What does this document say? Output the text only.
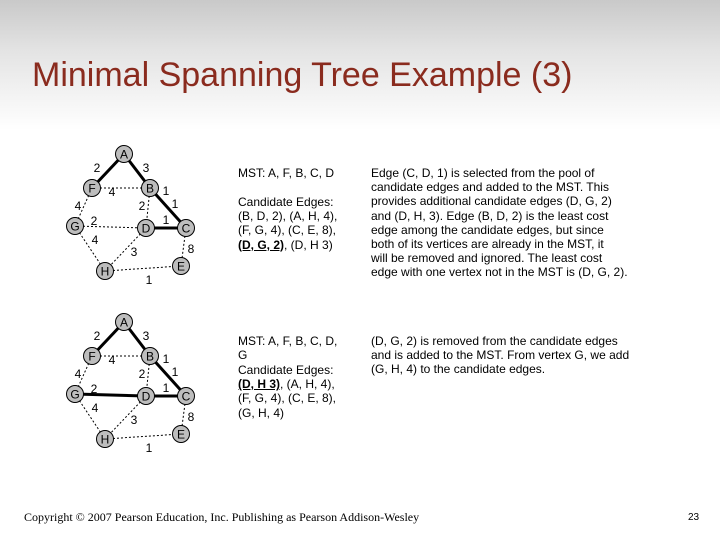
Minimal Spanning Tree Example (3)
2	3
4
4
2
2
1
1
4
3	8
1
1
A
B
C
D
E
F
G
H
2	3
4
4
2
2
1
1
4
3	8
1
1
A
B
C
D
E
F
G
H
MST: A, F, B, C, D
Candidate Edges:
(B, D, 2), (A, H, 4),
(F, G, 4), (C, E, 8),
(D, G, 2), (D, H 3)
Edge (C, D, 1) is selected from the pool of
candidate edges and added to the MST. This
provides additional candidate edges (D, G, 2)
and (D, H, 3). Edge (B, D, 2) is the least cost
edge among the candidate edges, but since
both of its vertices are already in the MST, it
will be removed and ignored. The least cost
edge with one vertex not in the MST is (D, G, 2).
MST: A, F, B, C, D,
G
Candidate Edges:
(D, H 3), (A, H, 4),
(F, G, 4), (C, E, 8),
(G, H, 4)
(D, G, 2) is removed from the candidate edges
and is added to the MST. From vertex G, we add
(G, H, 4) to the candidate edges.
Copyright © 2007 Pearson Education, Inc. Publishing as Pearson Addison-Wesley	23
